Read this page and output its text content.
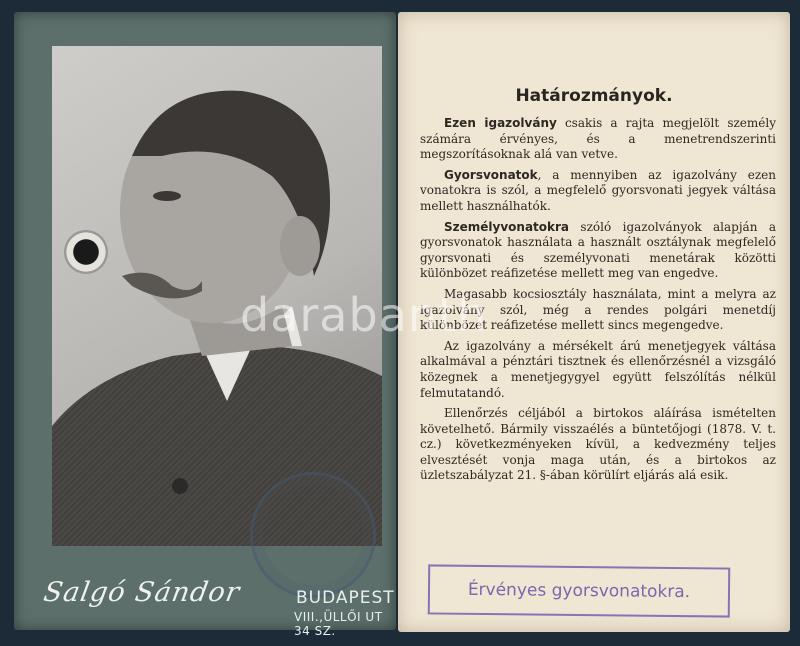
Salgó Sándor	BUDAPEST
VIII.,ÜLLŐI UT 34 SZ.
Határozmányok.

Ezen igazolvány csakis a rajta megjelölt személy számára érvényes, és a menetrendszerinti megszorításoknak alá van vetve.

Gyorsvonatok, a mennyiben az igazolvány ezen vonatokra is szól, a megfelelő gyorsvonati jegyek váltása mellett használhatók.

Személyvonatokra szóló igazolványok alapján a gyorsvonatok használata a használt osztálynak megfelelő gyorsvonati és személyvonati menetárak közötti különbözet reáfizetése mellett meg van engedve.

Magasabb kocsiosztály használata, mint a melyra az igazolvány szól, még a rendes polgári menetdíj különbözet reáfizetése mellett sincs megengedve.

Az igazolvány a mérsékelt árú menetjegyek váltása alkalmával a pénztári tisztnek és ellenőrzésnél a vizsgáló közegnek a menetjegygyel együtt felszólítás nélkül felmutatandó.

Ellenőrzés céljából a birtokos aláírása ismételten követelhető. Bármily visszaélés a büntetőjogi (1878. V. t. cz.) következményeken kívül, a kedvezmény teljes elvesztését vonja maga után, és a birtokos az üzletszabályzat 21. §-ában körülírt eljárás alá esik.

Érvényes gyorsvonatokra.
darabanth
